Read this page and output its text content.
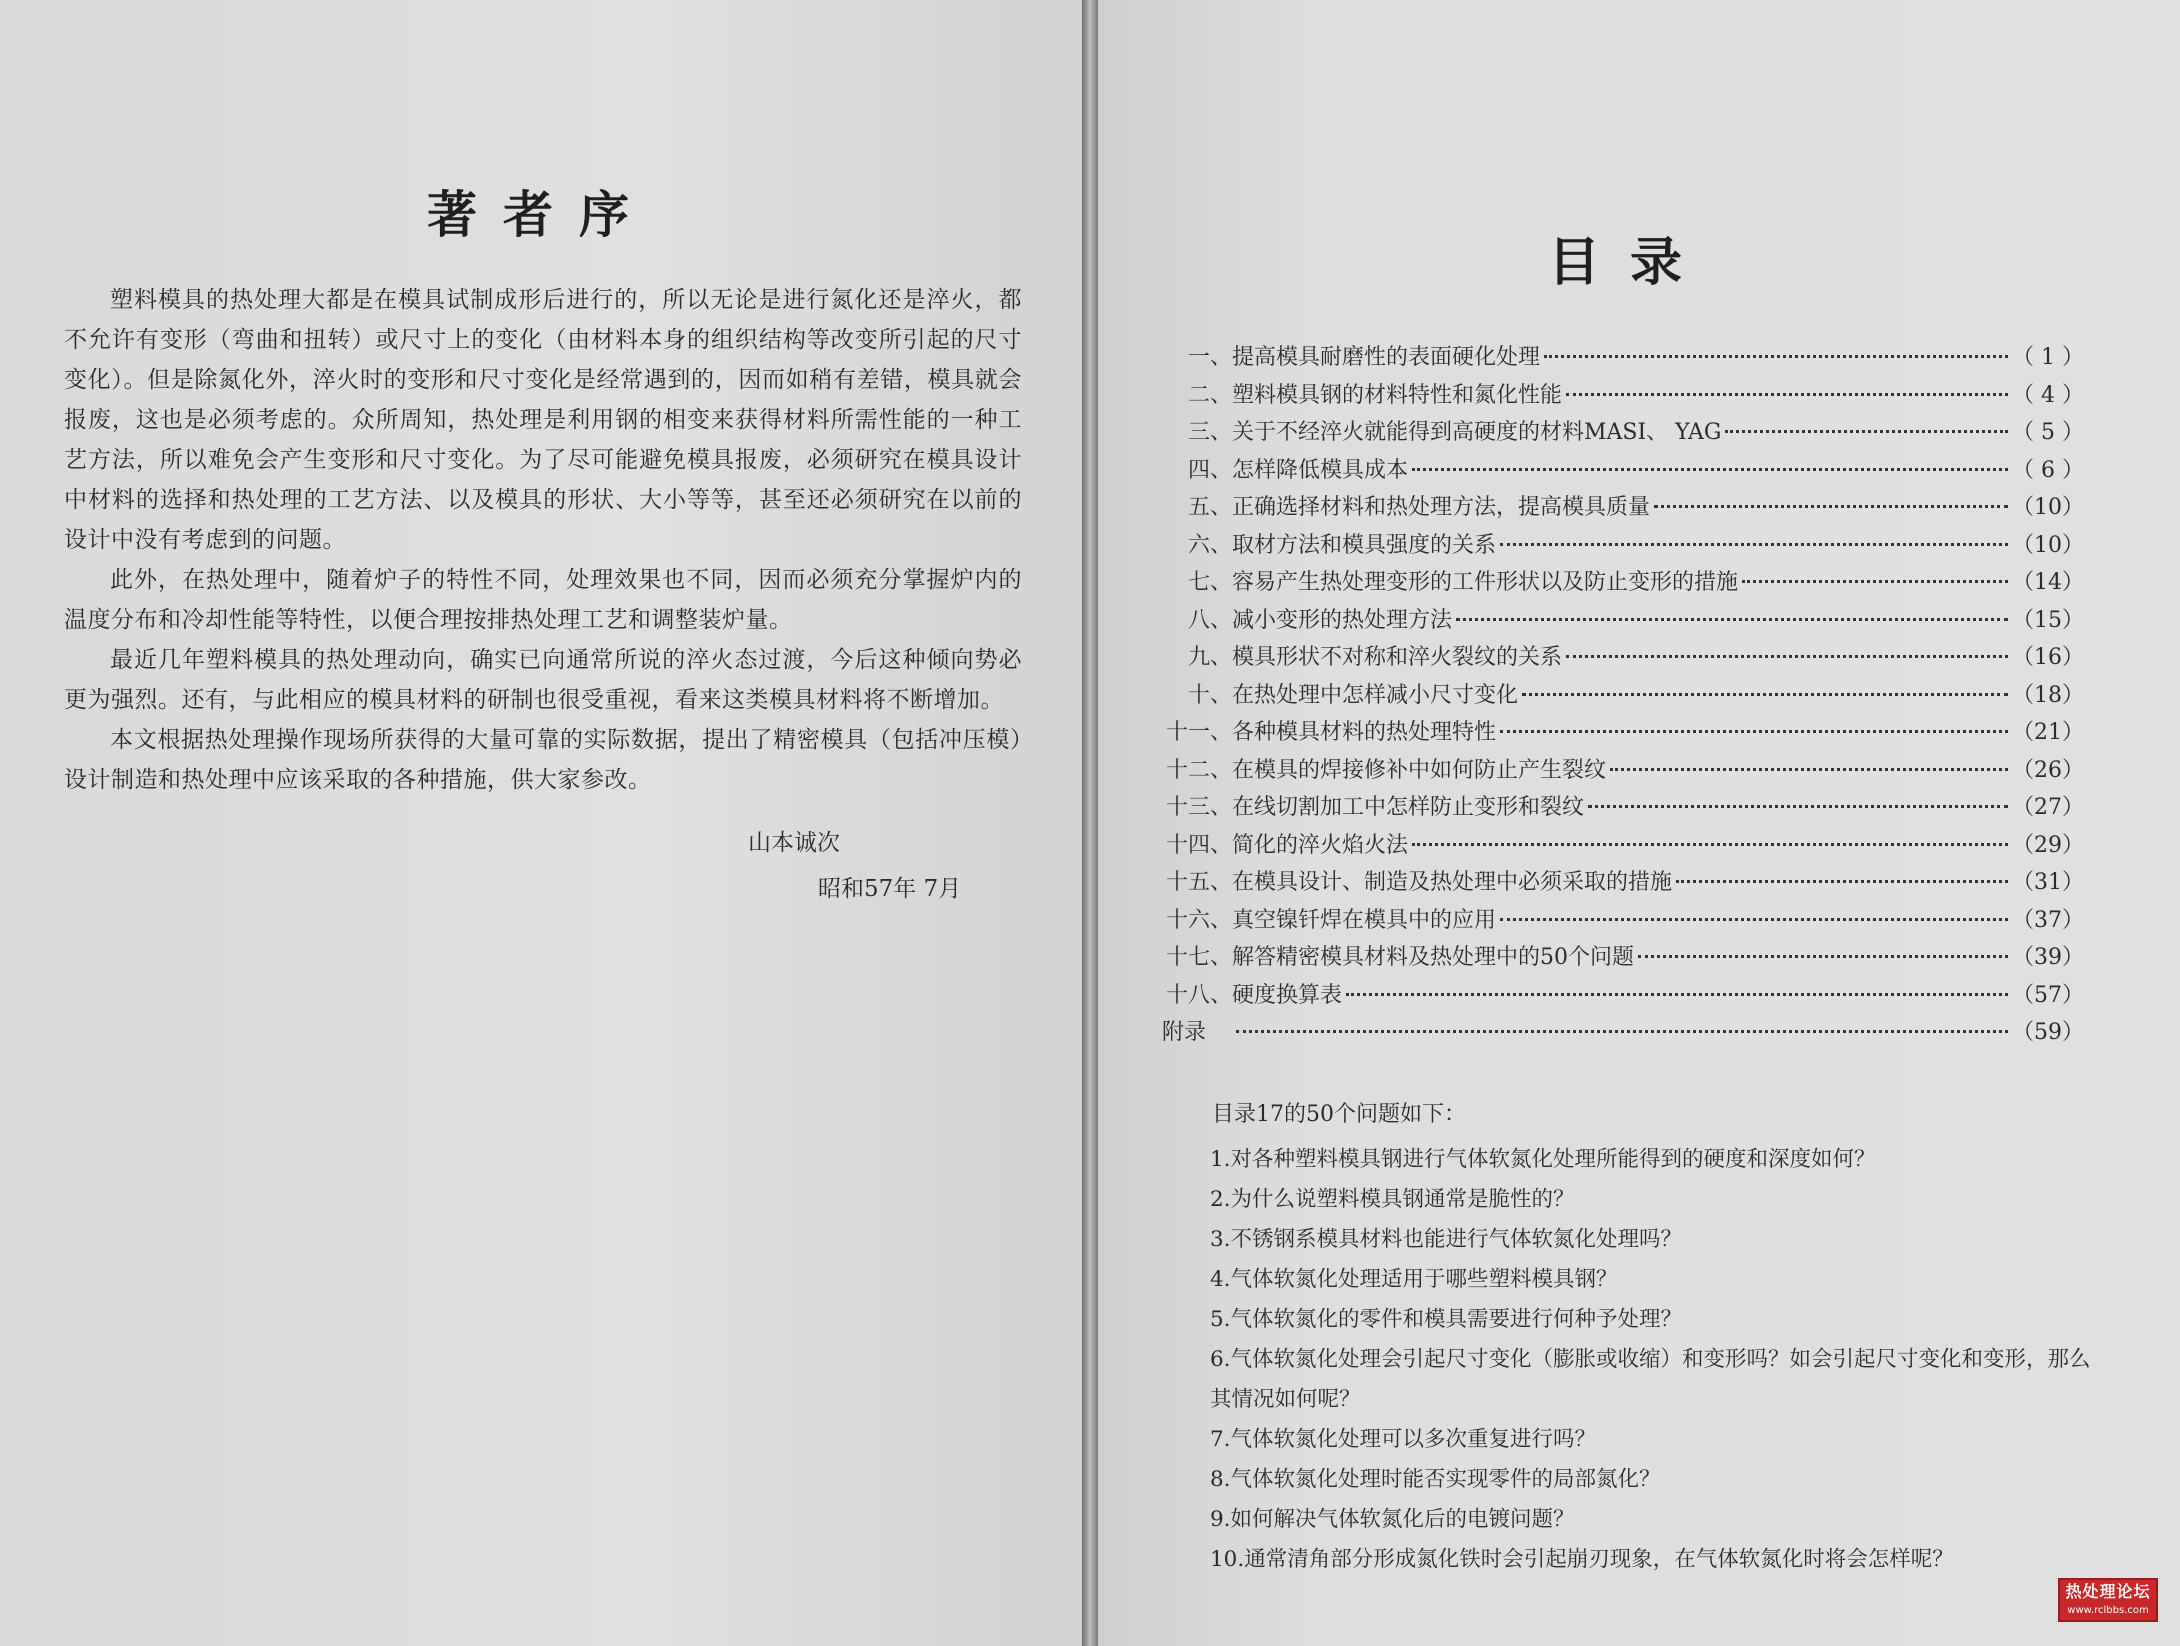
著者序

塑料模具的热处理大都是在模具试制成形后进行的，所以无论是进行氮化还是淬火，都不允许有变形（弯曲和扭转）或尺寸上的变化（由材料本身的组织结构等改变所引起的尺寸变化）。但是除氮化外，淬火时的变形和尺寸变化是经常遇到的，因而如稍有差错，模具就会报废，这也是必须考虑的。众所周知，热处理是利用钢的相变来获得材料所需性能的一种工艺方法，所以难免会产生变形和尺寸变化。为了尽可能避免模具报废，必须研究在模具设计中材料的选择和热处理的工艺方法、以及模具的形状、大小等等，甚至还必须研究在以前的设计中没有考虑到的问题。

此外，在热处理中，随着炉子的特性不同，处理效果也不同，因而必须充分掌握炉内的温度分布和冷却性能等特性，以便合理按排热处理工艺和调整装炉量。

最近几年塑料模具的热处理动向，确实已向通常所说的淬火态过渡，今后这种倾向势必更为强烈。还有，与此相应的模具材料的研制也很受重视，看来这类模具材料将不断增加。

本文根据热处理操作现场所获得的大量可靠的实际数据，提出了精密模具（包括冲压模）设计制造和热处理中应该采取的各种措施，供大家参改。

山本诚次
昭和57年 7月
目录
一、 提高模具耐磨性的表面硬化处理	（ 1 ）
二、 塑料模具钢的材料特性和氮化性能	（ 4 ）
三、 关于不经淬火就能得到高硬度的材料MASI、 YAG	（ 5 ）
四、 怎样降低模具成本	（ 6 ）
五、 正确选择材料和热处理方法，提高模具质量	（10）
六、 取材方法和模具强度的关系	（10）
七、 容易产生热处理变形的工件形状以及防止变形的措施	（14）
八、 减小变形的热处理方法	（15）
九、 模具形状不对称和淬火裂纹的关系	（16）
十、 在热处理中怎样减小尺寸变化	（18）
十一、 各种模具材料的热处理特性	（21）
十二、 在模具的焊接修补中如何防止产生裂纹	（26）
十三、 在线切割加工中怎样防止变形和裂纹	（27）
十四、 简化的淬火焰火法	（29）
十五、 在模具设计、制造及热处理中必须采取的措施	（31）
十六、 真空镍钎焊在模具中的应用	（37）
十七、 解答精密模具材料及热处理中的50个问题	（39）
十八、 硬度换算表	（57）
附录	（59）
目录17的50个问题如下：
1.对各种塑料模具钢进行气体软氮化处理所能得到的硬度和深度如何？
2.为什么说塑料模具钢通常是脆性的？
3.不锈钢系模具材料也能进行气体软氮化处理吗？
4.气体软氮化处理适用于哪些塑料模具钢？
5.气体软氮化的零件和模具需要进行何种予处理？
6.气体软氮化处理会引起尺寸变化（膨胀或收缩）和变形吗？如会引起尺寸变化和变形，那么其情况如何呢？
7.气体软氮化处理可以多次重复进行吗？
8.气体软氮化处理时能否实现零件的局部氮化？
9.如何解决气体软氮化后的电镀问题？
10.通常清角部分形成氮化铁时会引起崩刃现象，在气体软氮化时将会怎样呢？
热处理论坛
www.rclbbs.com
